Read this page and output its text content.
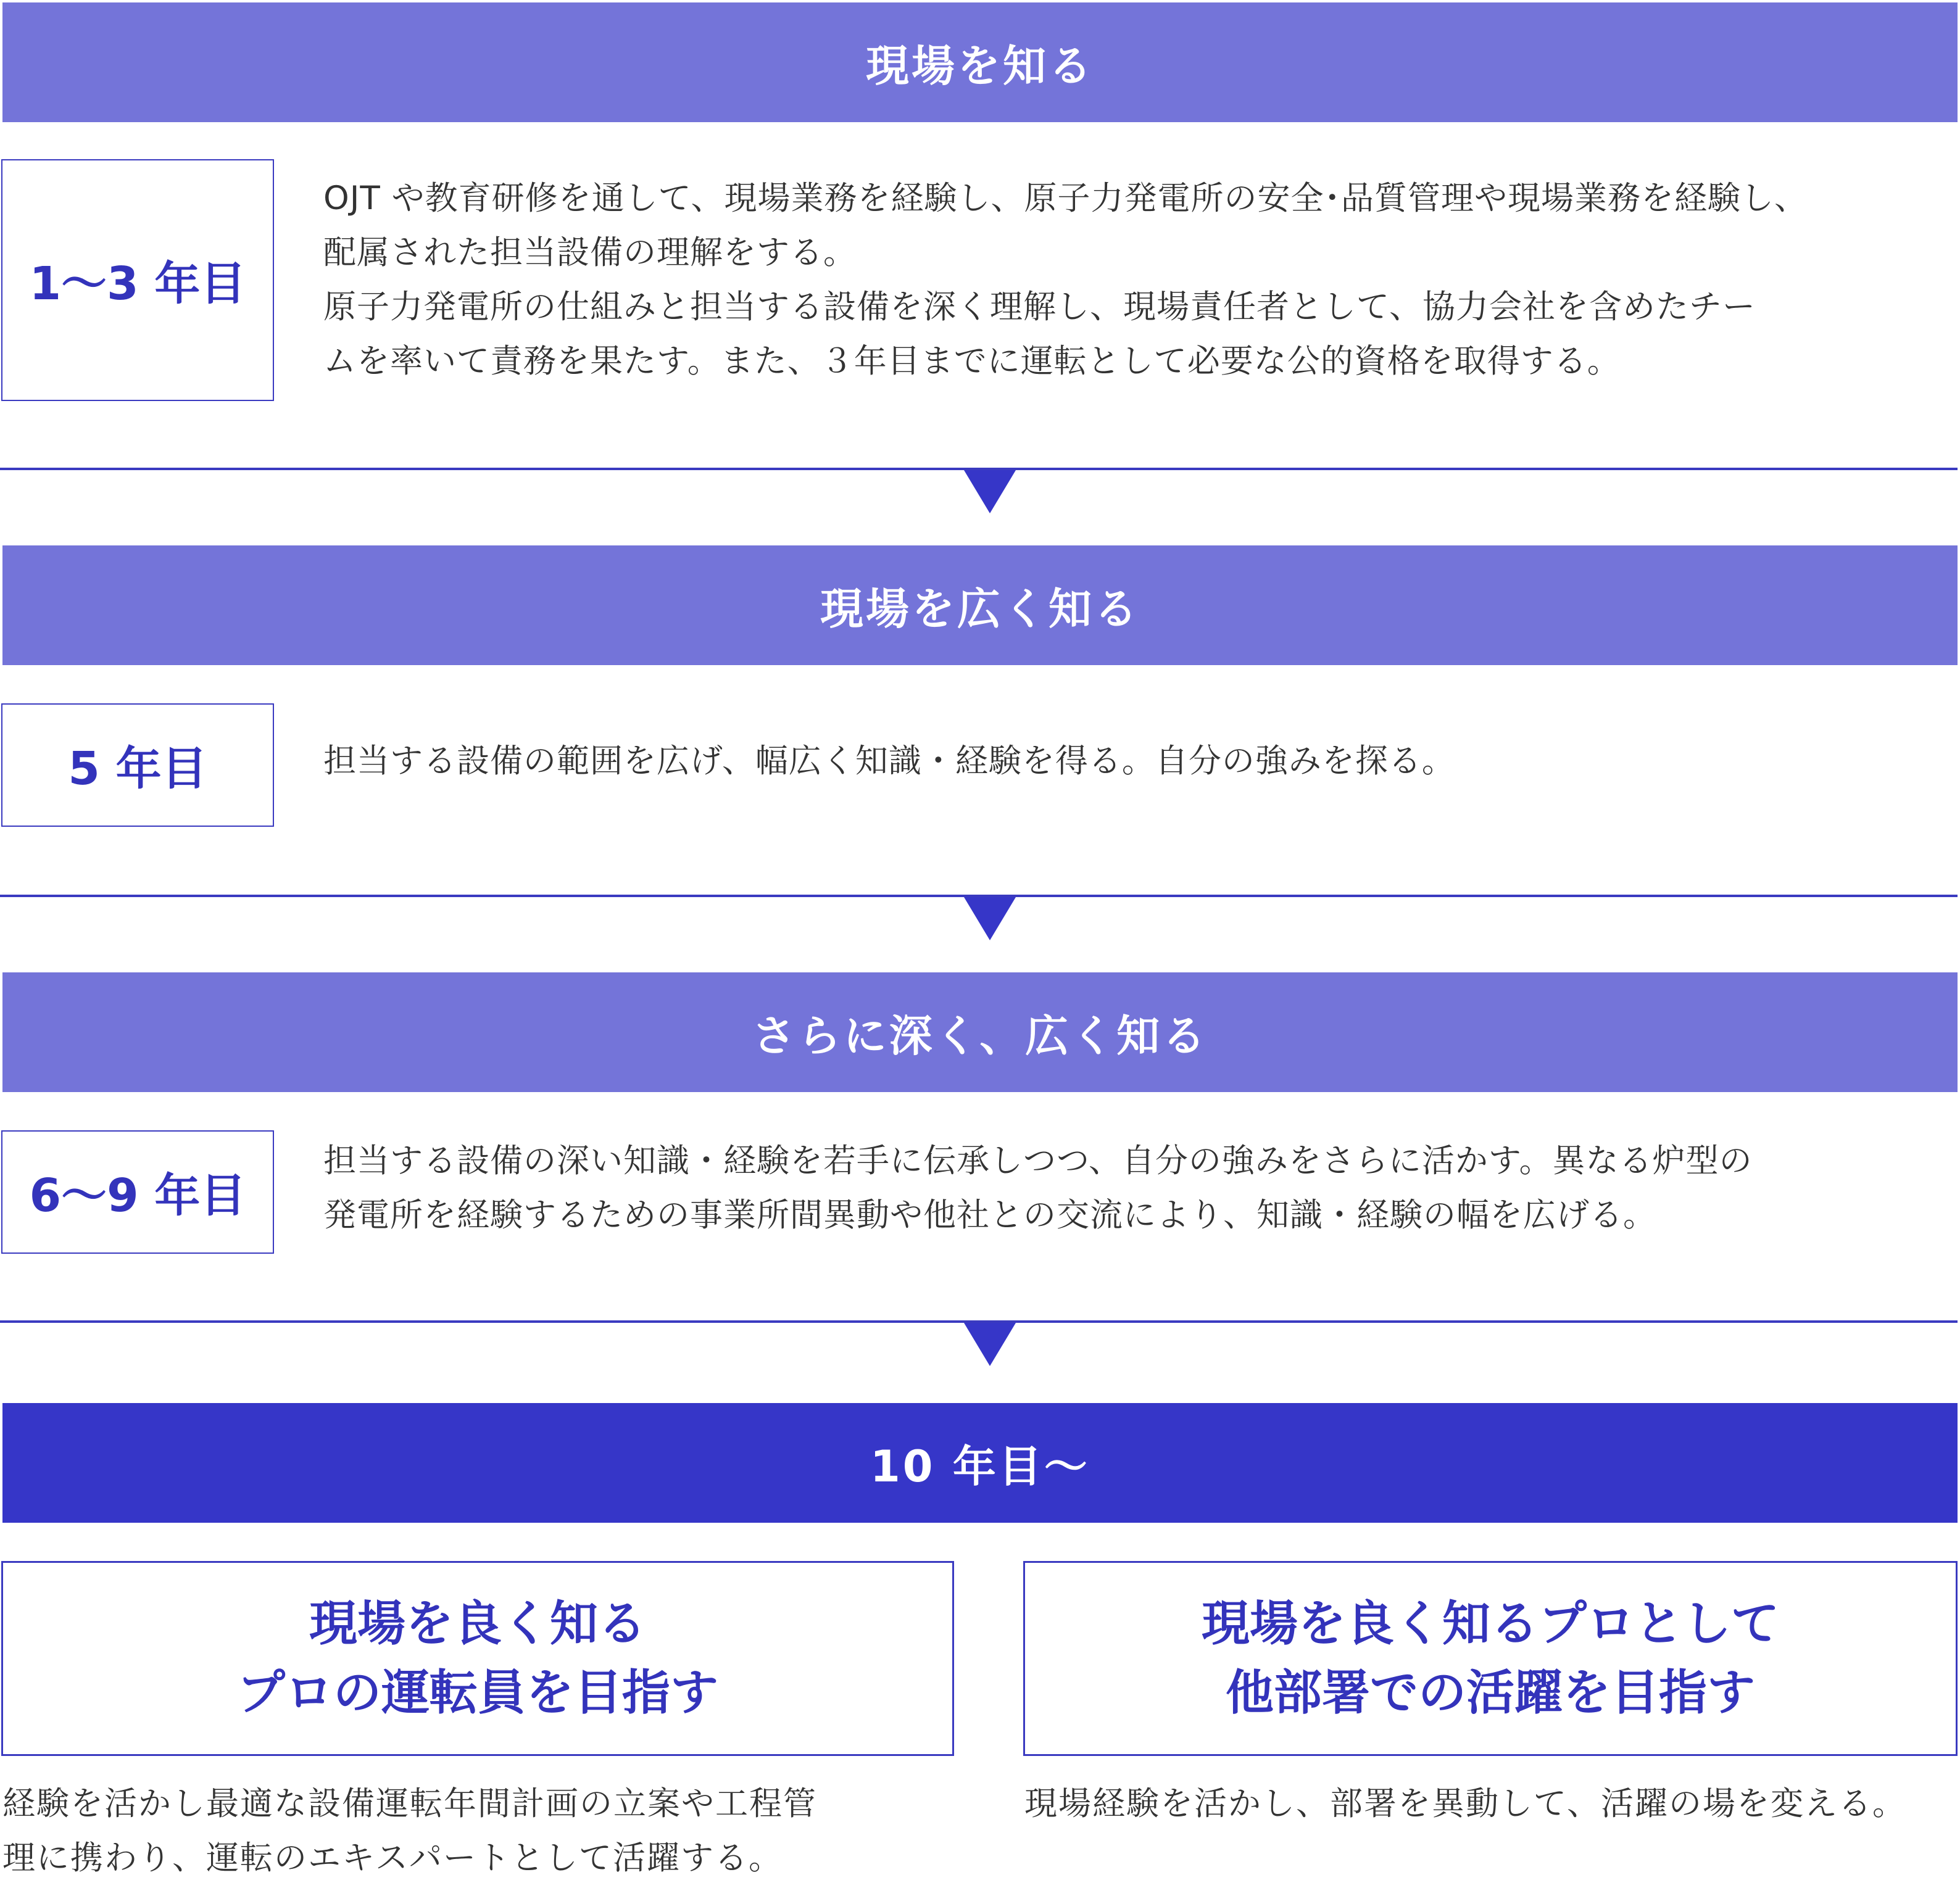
現場を知る
1〜3 年目

OJT や教育研修を通して、現場業務を経験し、原子力発電所の安全･品質管理や現場業務を経験し、

配属された担当設備の理解をする。

原子力発電所の仕組みと担当する設備を深く理解し、現場責任者として、協力会社を含めたチー

ムを率いて責務を果たす。また、３年目までに運転として必要な公的資格を取得する。

現場を広く知る
5 年目	担当する設備の範囲を広げ、幅広く知識・経験を得る。自分の強みを探る。

さらに深く、広く知る
6〜9 年目

担当する設備の深い知識・経験を若手に伝承しつつ、自分の強みをさらに活かす。異なる炉型の

発電所を経験するための事業所間異動や他社との交流により、知識・経験の幅を広げる。

10 年目〜
現場を良く知る
プロの運転員を目指す
経験を活かし最適な設備運転年間計画の立案や工程管
理に携わり、運転のエキスパートとして活躍する。
現場を良く知るプロとして
他部署での活躍を目指す
現場経験を活かし、部署を異動して、活躍の場を変える。
